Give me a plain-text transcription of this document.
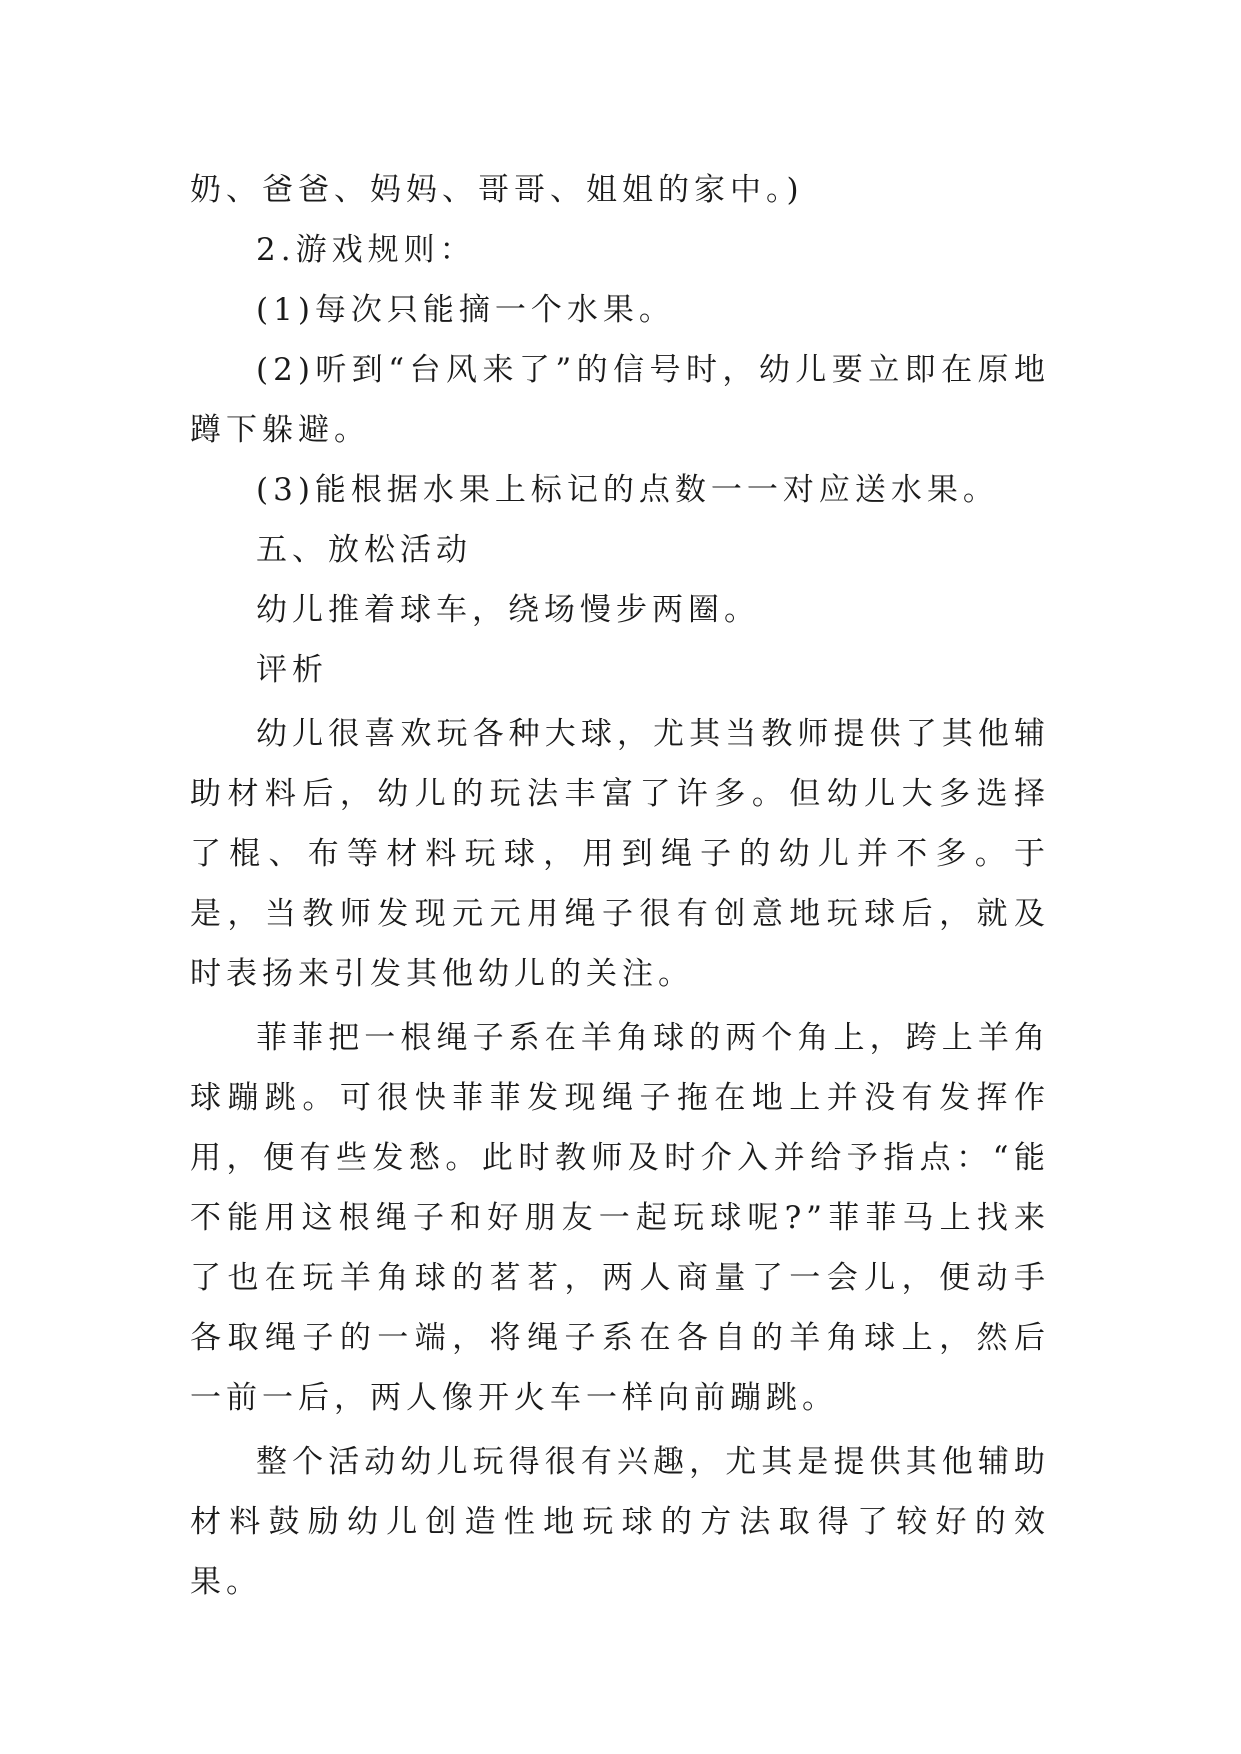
奶、爸爸、妈妈、哥哥、姐姐的家中。)

2.游戏规则：

(1)每次只能摘一个水果。

(2)听到“台风来了”的信号时，幼儿要立即在原地蹲下躲避。

(3)能根据水果上标记的点数一一对应送水果。

五、放松活动

幼儿推着球车，绕场慢步两圈。

评析

幼儿很喜欢玩各种大球，尤其当教师提供了其他辅助材料后，幼儿的玩法丰富了许多。但幼儿大多选择了棍、布等材料玩球，用到绳子的幼儿并不多。于是，当教师发现元元用绳子很有创意地玩球后，就及时表扬来引发其他幼儿的关注。

菲菲把一根绳子系在羊角球的两个角上，跨上羊角球蹦跳。可很快菲菲发现绳子拖在地上并没有发挥作用，便有些发愁。此时教师及时介入并给予指点：“能不能用这根绳子和好朋友一起玩球呢?”菲菲马上找来了也在玩羊角球的茗茗，两人商量了一会儿，便动手各取绳子的一端，将绳子系在各自的羊角球上，然后一前一后，两人像开火车一样向前蹦跳。

整个活动幼儿玩得很有兴趣，尤其是提供其他辅助材料鼓励幼儿创造性地玩球的方法取得了较好的效果。
